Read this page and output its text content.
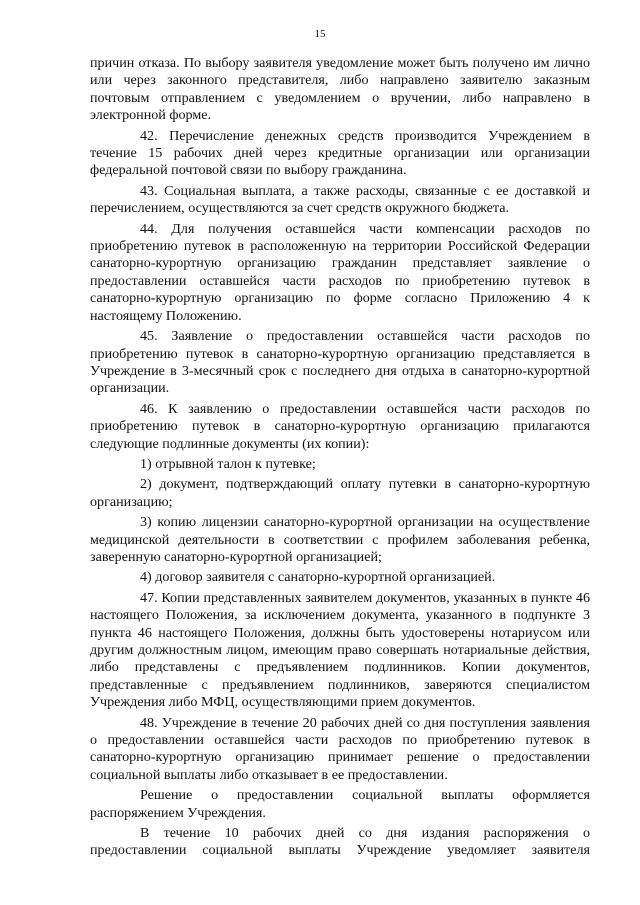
15

причин отказа. По выбору заявителя уведомление может быть получено им лично или через законного представителя, либо направлено заявителю заказным почтовым отправлением с уведомлением о вручении, либо направлено в электронной форме.

42. Перечисление денежных средств производится Учреждением в течение 15 рабочих дней через кредитные организации или организации федеральной почтовой связи по выбору гражданина.

43. Социальная выплата, а также расходы, связанные с ее доставкой и перечислением, осуществляются за счет средств окружного бюджета.

44. Для получения оставшейся части компенсации расходов по приобретению путевок в расположенную на территории Российской Федерации санаторно-курортную организацию гражданин представляет заявление о предоставлении оставшейся части расходов по приобретению путевок в санаторно-курортную организацию по форме согласно Приложению 4 к настоящему Положению.

45. Заявление о предоставлении оставшейся части расходов по приобретению путевок в санаторно-курортную организацию представляется в Учреждение в 3-месячный срок с последнего дня отдыха в санаторно-курортной организации.

46. К заявлению о предоставлении оставшейся части расходов по приобретению путевок в санаторно-курортную организацию прилагаются следующие подлинные документы (их копии):

1) отрывной талон к путевке;

2) документ, подтверждающий оплату путевки в санаторно-курортную организацию;

3) копию лицензии санаторно-курортной организации на осуществление медицинской деятельности в соответствии с профилем заболевания ребенка, заверенную санаторно-курортной организацией;

4) договор заявителя с санаторно-курортной организацией.

47. Копии представленных заявителем документов, указанных в пункте 46 настоящего Положения, за исключением документа, указанного в подпункте 3 пункта 46 настоящего Положения, должны быть удостоверены нотариусом или другим должностным лицом, имеющим право совершать нотариальные действия, либо представлены с предъявлением подлинников. Копии документов, представленные с предъявлением подлинников, заверяются специалистом Учреждения либо МФЦ, осуществляющими прием документов.

48. Учреждение в течение 20 рабочих дней со дня поступления заявления о предоставлении оставшейся части расходов по приобретению путевок в санаторно-курортную организацию принимает решение о предоставлении социальной выплаты либо отказывает в ее предоставлении.

Решение о предоставлении социальной выплаты оформляется распоряжением Учреждения.

В течение 10 рабочих дней со дня издания распоряжения о предоставлении социальной выплаты Учреждение уведомляет заявителя
